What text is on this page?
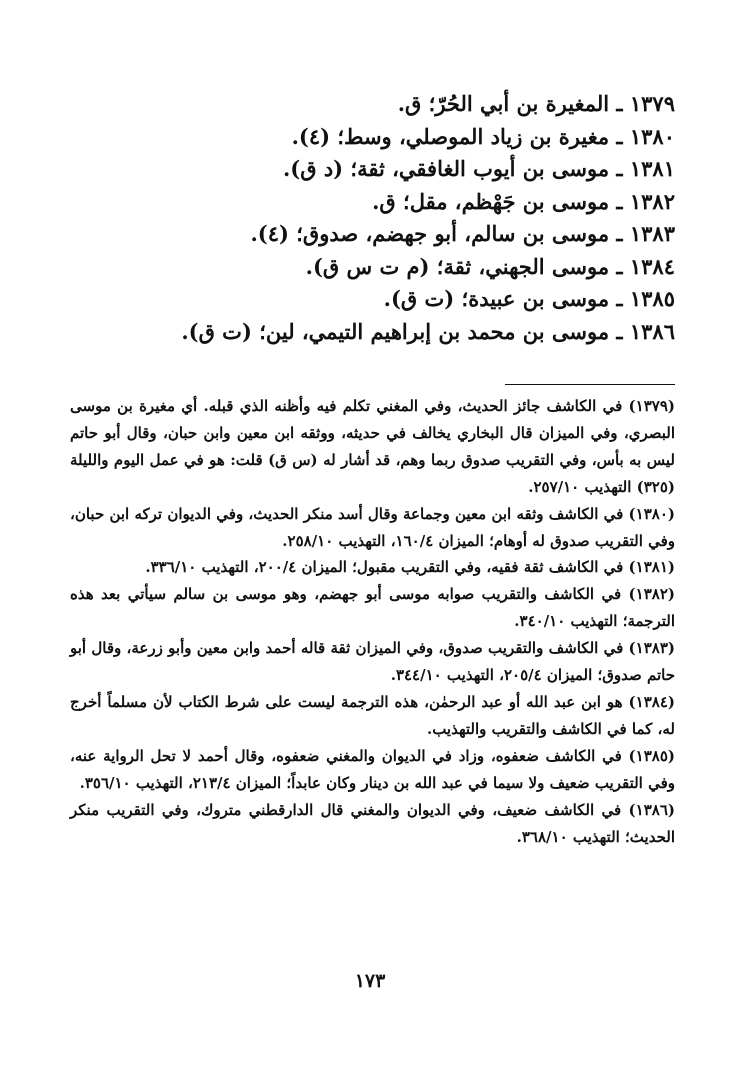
١٣٧٩ ـ المغيرة بن أبي الحُرّ؛ ق.
١٣٨٠ ـ مغيرة بن زياد الموصلي، وسط؛ (٤).
١٣٨١ ـ موسى بن أيوب الغافقي، ثقة؛ (د ق).
١٣٨٢ ـ موسى بن جَهْظم، مقل؛ ق.
١٣٨٣ ـ موسى بن سالم، أبو جهضم، صدوق؛ (٤).
١٣٨٤ ـ موسى الجهني، ثقة؛ (م ت س ق).
١٣٨٥ ـ موسى بن عبيدة؛ (ت ق).
١٣٨٦ ـ موسى بن محمد بن إبراهيم التيمي، لين؛ (ت ق).
(١٣٧٩) في الكاشف جائز الحديث، وفي المغني تكلم فيه وأظنه الذي قبله. أي مغيرة بن موسى البصري، وفي الميزان قال البخاري يخالف في حديثه، ووثقه ابن معين وابن حبان، وقال أبو حاتم ليس به بأس، وفي التقريب صدوق ربما وهم، قد أشار له (س ق) قلت: هو في عمل اليوم والليلة (٣٢٥) التهذيب ٢٥٧/١٠.
(١٣٨٠) في الكاشف وثقه ابن معين وجماعة وقال أسد منكر الحديث، وفي الديوان تركه ابن حبان، وفي التقريب صدوق له أوهام؛ الميزان ١٦٠/٤، التهذيب ٢٥٨/١٠.
(١٣٨١) في الكاشف ثقة فقيه، وفي التقريب مقبول؛ الميزان ٢٠٠/٤، التهذيب ٣٣٦/١٠.
(١٣٨٢) في الكاشف والتقريب صوابه موسى أبو جهضم، وهو موسى بن سالم سيأتي بعد هذه الترجمة؛ التهذيب ٣٤٠/١٠.
(١٣٨٣) في الكاشف والتقريب صدوق، وفي الميزان ثقة قاله أحمد وابن معين وأبو زرعة، وقال أبو حاتم صدوق؛ الميزان ٢٠٥/٤، التهذيب ٣٤٤/١٠.
(١٣٨٤) هو ابن عبد الله أو عبد الرحمٰن، هذه الترجمة ليست على شرط الكتاب لأن مسلماً أخرج له، كما في الكاشف والتقريب والتهذيب.
(١٣٨٥) في الكاشف ضعفوه، وزاد في الديوان والمغني ضعفوه، وقال أحمد لا تحل الرواية عنه، وفي التقريب ضعيف ولا سيما في عبد الله بن دينار وكان عابداً؛ الميزان ٢١٣/٤، التهذيب ٣٥٦/١٠.
(١٣٨٦) في الكاشف ضعيف، وفي الديوان والمغني قال الدارقطني متروك، وفي التقريب منكر الحديث؛ التهذيب ٣٦٨/١٠.
١٧٣
